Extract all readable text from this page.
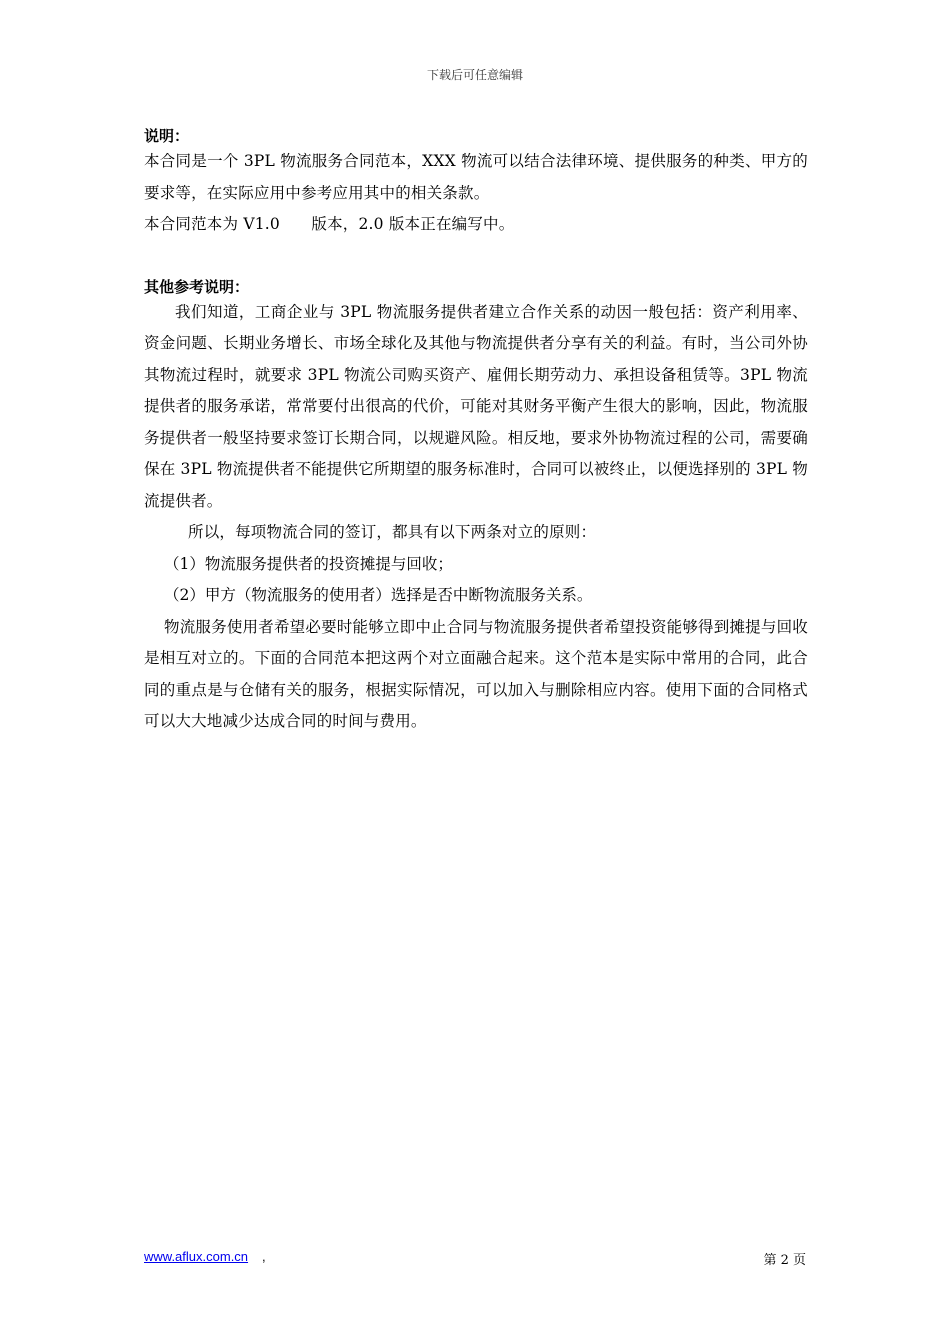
下载后可任意编辑

说明：

本合同是一个 3PL 物流服务合同范本，XXX 物流可以结合法律环境、提供服务的种类、甲方的要求等，在实际应用中参考应用其中的相关条款。

本合同范本为 V1.0　　版本，2.0 版本正在编写中。

其他参考说明：

我们知道，工商企业与 3PL 物流服务提供者建立合作关系的动因一般包括：资产利用率、资金问题、长期业务增长、市场全球化及其他与物流提供者分享有关的利益。有时，当公司外协其物流过程时，就要求 3PL 物流公司购买资产、雇佣长期劳动力、承担设备租赁等。3PL 物流提供者的服务承诺，常常要付出很高的代价，可能对其财务平衡产生很大的影响，因此，物流服务提供者一般坚持要求签订长期合同，以规避风险。相反地，要求外协物流过程的公司，需要确保在 3PL 物流提供者不能提供它所期望的服务标准时，合同可以被终止，以便选择别的 3PL 物流提供者。

所以，每项物流合同的签订，都具有以下两条对立的原则：

（1）物流服务提供者的投资摊提与回收；

（2）甲方（物流服务的使用者）选择是否中断物流服务关系。

物流服务使用者希望必要时能够立即中止合同与物流服务提供者希望投资能够得到摊提与回收是相互对立的。下面的合同范本把这两个对立面融合起来。这个范本是实际中常用的合同，此合同的重点是与仓储有关的服务，根据实际情况，可以加入与删除相应内容。使用下面的合同格式可以大大地减少达成合同的时间与费用。

www.aflux.com.cn ,	第 2 页
